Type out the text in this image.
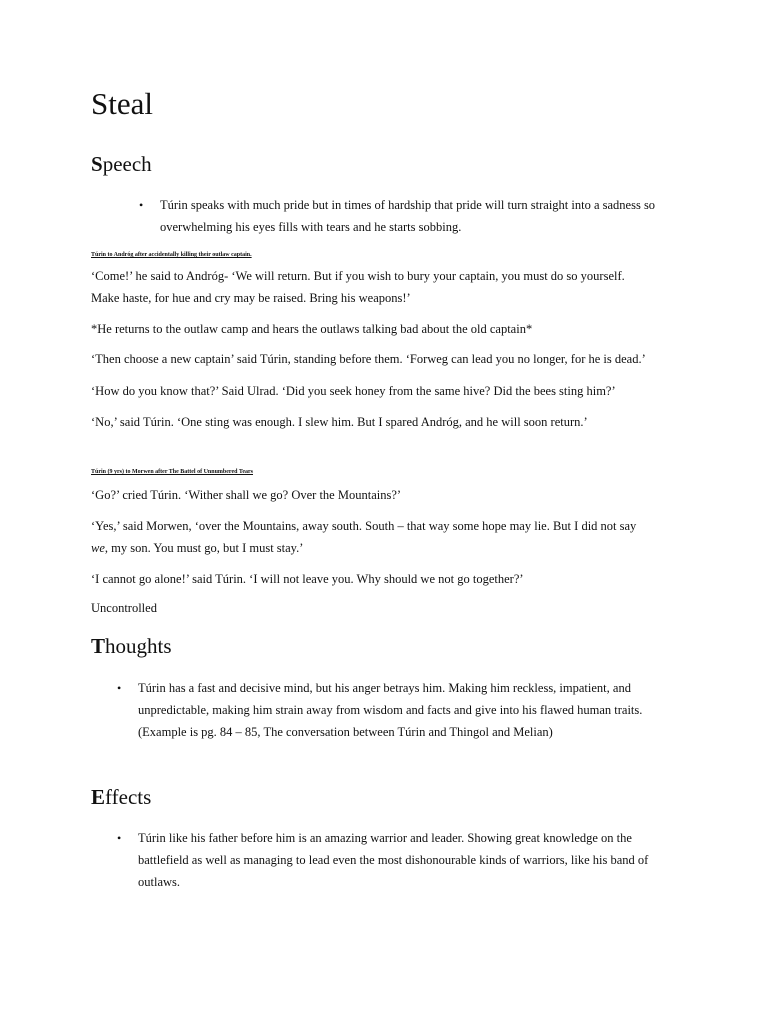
Steal
Speech
• Túrin speaks with much pride but in times of hardship that pride will turn straight into a sadness so
overwhelming his eyes fills with tears and he starts sobbing.

Túrin to Andróg after accidentally killing their outlaw captain.

‘Come!’ he said to Andróg- ‘We will return. But if you wish to bury your captain, you must do so yourself.
Make haste, for hue and cry may be raised. Bring his weapons!’

*He returns to the outlaw camp and hears the outlaws talking bad about the old captain*

‘Then choose a new captain’ said Túrin, standing before them. ‘Forweg can lead you no longer, for he is dead.’

‘How do you know that?’ Said Ulrad. ‘Did you seek honey from the same hive? Did the bees sting him?’

‘No,’ said Túrin. ‘One sting was enough. I slew him. But I spared Andróg, and he will soon return.’

Túrin (9 yrs) to Morwen after The Battel of Unnumbered Tears

‘Go?’ cried Túrin. ‘Wither shall we go? Over the Mountains?’

‘Yes,’ said Morwen, ‘over the Mountains, away south. South – that way some hope may lie. But I did not say
we, my son. You must go, but I must stay.’

‘I cannot go alone!’ said Túrin. ‘I will not leave you. Why should we not go together?’

Uncontrolled

Thoughts
• Túrin has a fast and decisive mind, but his anger betrays him. Making him reckless, impatient, and
unpredictable, making him strain away from wisdom and facts and give into his flawed human traits.
(Example is pg. 84 – 85, The conversation between Túrin and Thingol and Melian)
Effects
• Túrin like his father before him is an amazing warrior and leader. Showing great knowledge on the
battlefield as well as managing to lead even the most dishonourable kinds of warriors, like his band of
outlaws.
